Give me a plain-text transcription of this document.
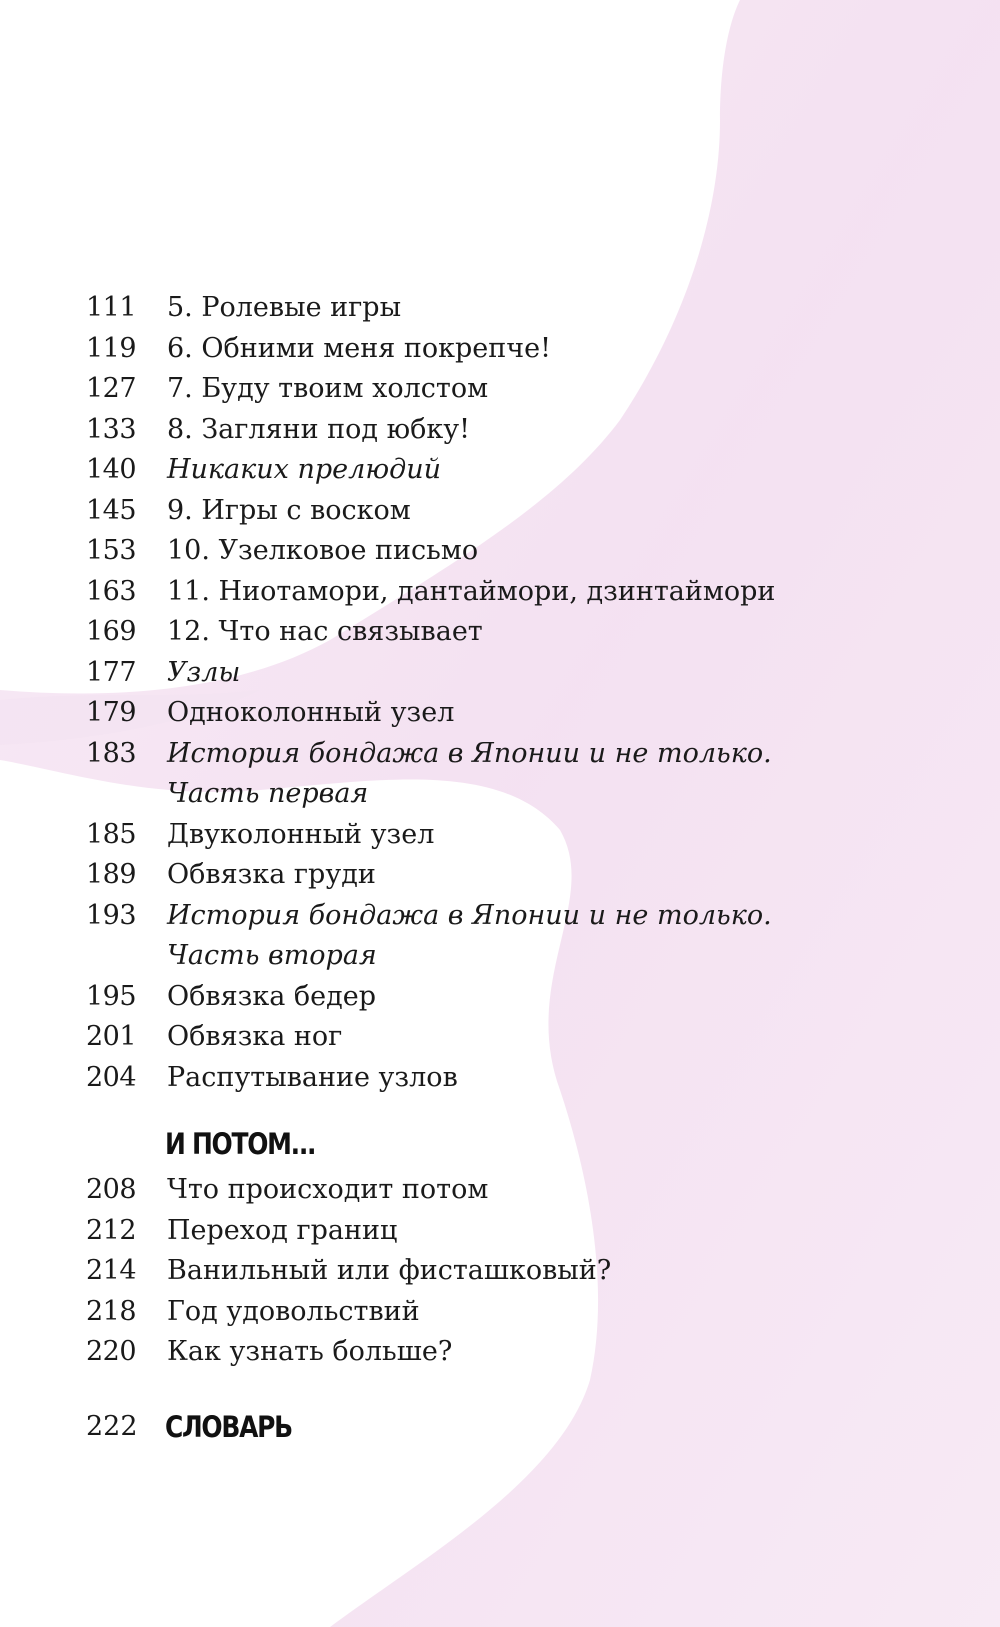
111	5. Ролевые игры
119	6. Обними меня покрепче!
127	7. Буду твоим холстом
133	8. Загляни под юбку!
140	Никаких прелюдий
145	9. Игры с воском
153	10. Узелковое письмо
163	11. Ниотамори, дантаймори, дзинтаймори
169	12. Что нас связывает
177	Узлы
179	Одноколонный узел
183	История бондажа в Японии и не только.
Часть первая
185	Двуколонный узел
189	Обвязка груди
193	История бондажа в Японии и не только.
Часть вторая
195	Обвязка бедер
201	Обвязка ног
204	Распутывание узлов
И ПОТОМ...
208	Что происходит потом
212	Переход границ
214	Ванильный или фисташковый?
218	Год удовольствий
220	Как узнать больше?
222 СЛОВАРЬ
